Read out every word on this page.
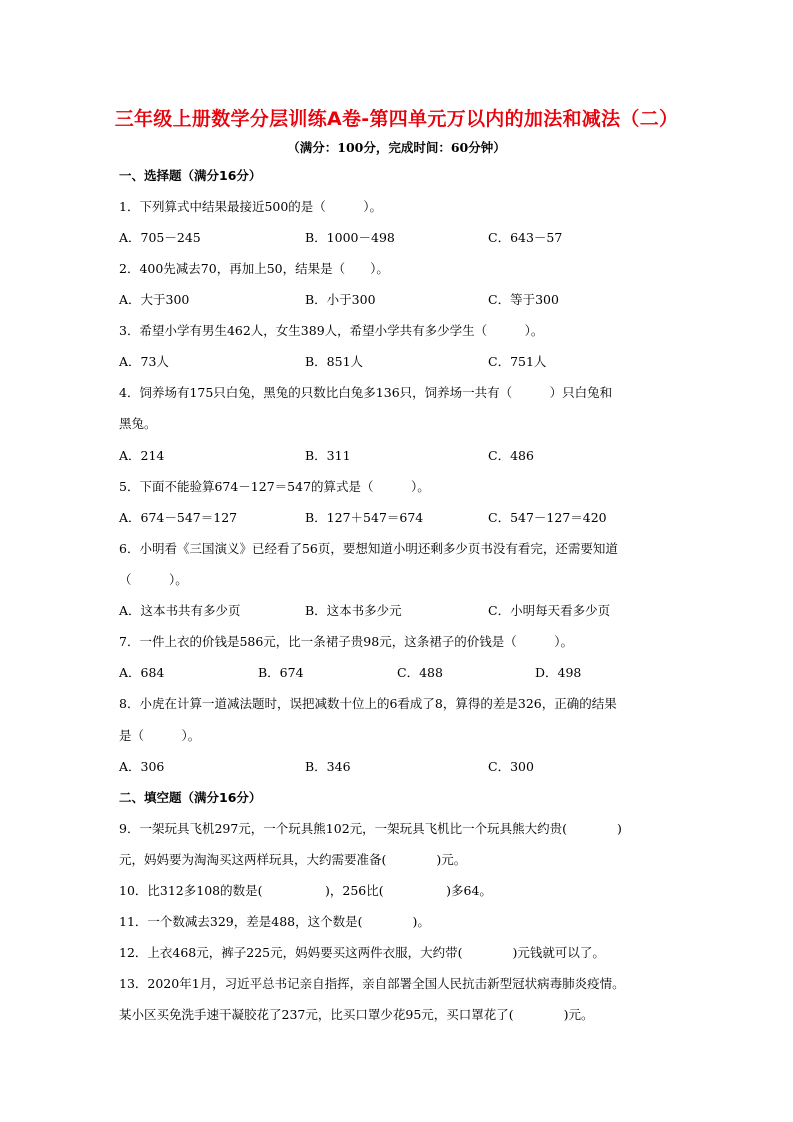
三年级上册数学分层训练A卷-第四单元万以内的加法和减法（二）
（满分：100分，完成时间：60分钟）
一、选择题（满分16分）
1．下列算式中结果最接近500的是（　　　）。
A．705－245	B．1000－498	C．643－57
2．400先减去70，再加上50，结果是（　　）。
A．大于300	B．小于300	C．等于300
3．希望小学有男生462人，女生389人，希望小学共有多少学生（　　　）。
A．73人	B．851人	C．751人
4．饲养场有175只白兔，黑兔的只数比白兔多136只，饲养场一共有（　　　）只白兔和
黑兔。
A．214	B．311	C．486
5．下面不能验算674－127＝547的算式是（　　　）。
A．674－547＝127	B．127＋547＝674	C．547－127＝420
6．小明看《三国演义》已经看了56页，要想知道小明还剩多少页书没有看完，还需要知道
（　　　）。
A．这本书共有多少页	B．这本书多少元	C．小明每天看多少页
7．一件上衣的价钱是586元，比一条裙子贵98元，这条裙子的价钱是（　　　）。
A．684	B．674	C．488	D．498
8．小虎在计算一道减法题时，误把减数十位上的6看成了8，算得的差是326，正确的结果
是（　　　）。
A．306	B．346	C．300
二、填空题（满分16分）
9．一架玩具飞机297元，一个玩具熊102元，一架玩具飞机比一个玩具熊大约贵(　　　　)
元，妈妈要为淘淘买这两样玩具，大约需要准备(　　　　)元。
10．比312多108的数是(　　　　　)，256比(　　　　　)多64。
11．一个数减去329，差是488，这个数是(　　　　)。
12．上衣468元，裤子225元，妈妈要买这两件衣服，大约带(　　　　)元钱就可以了。
13．2020年1月，习近平总书记亲自指挥，亲自部署全国人民抗击新型冠状病毒肺炎疫情。
某小区买免洗手速干凝胶花了237元，比买口罩少花95元，买口罩花了(　　　　)元。
